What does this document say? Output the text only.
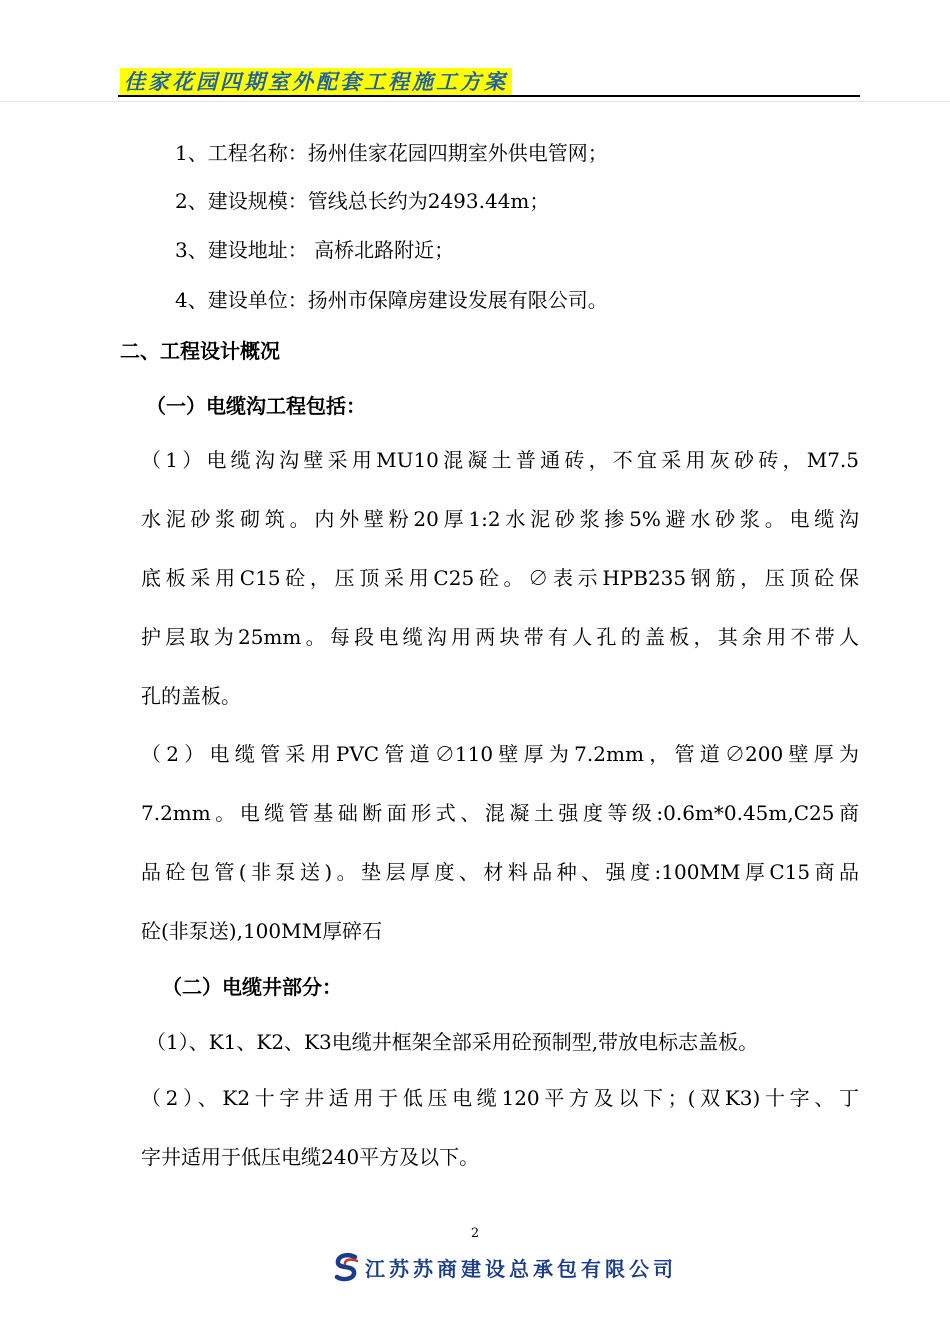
佳家花园四期室外配套工程施工方案
1、工程名称：扬州佳家花园四期室外供电管网；
2、建设规模：管线总长约为2493.44m；
3、建设地址： 高桥北路附近；
4、建设单位：扬州市保障房建设发展有限公司。
二、工程设计概况
（一）电缆沟工程包括：
（1）电缆沟沟壁采用MU10混凝土普通砖，不宜采用灰砂砖，M7.5
水泥砂浆砌筑。内外壁粉20厚1:2水泥砂浆掺5%避水砂浆。电缆沟
底板采用C15砼，压顶采用C25砼。∅表示HPB235钢筋，压顶砼保
护层取为25mm。每段电缆沟用两块带有人孔的盖板，其余用不带人
孔的盖板。
（2）电缆管采用PVC管道∅110壁厚为7.2mm，管道∅200壁厚为
7.2mm。电缆管基础断面形式、混凝土强度等级:0.6m*0.45m,C25商
品砼包管(非泵送)。垫层厚度、材料品种、强度:100MM厚C15商品
砼(非泵送),100MM厚碎石
（二）电缆井部分：
（1）、K1、K2、K3电缆井框架全部采用砼预制型,带放电标志盖板。
（2）、K2十字井适用于低压电缆120平方及以下；(双K3)十字、丁
字井适用于低压电缆240平方及以下。
2
江苏苏商建设总承包有限公司
